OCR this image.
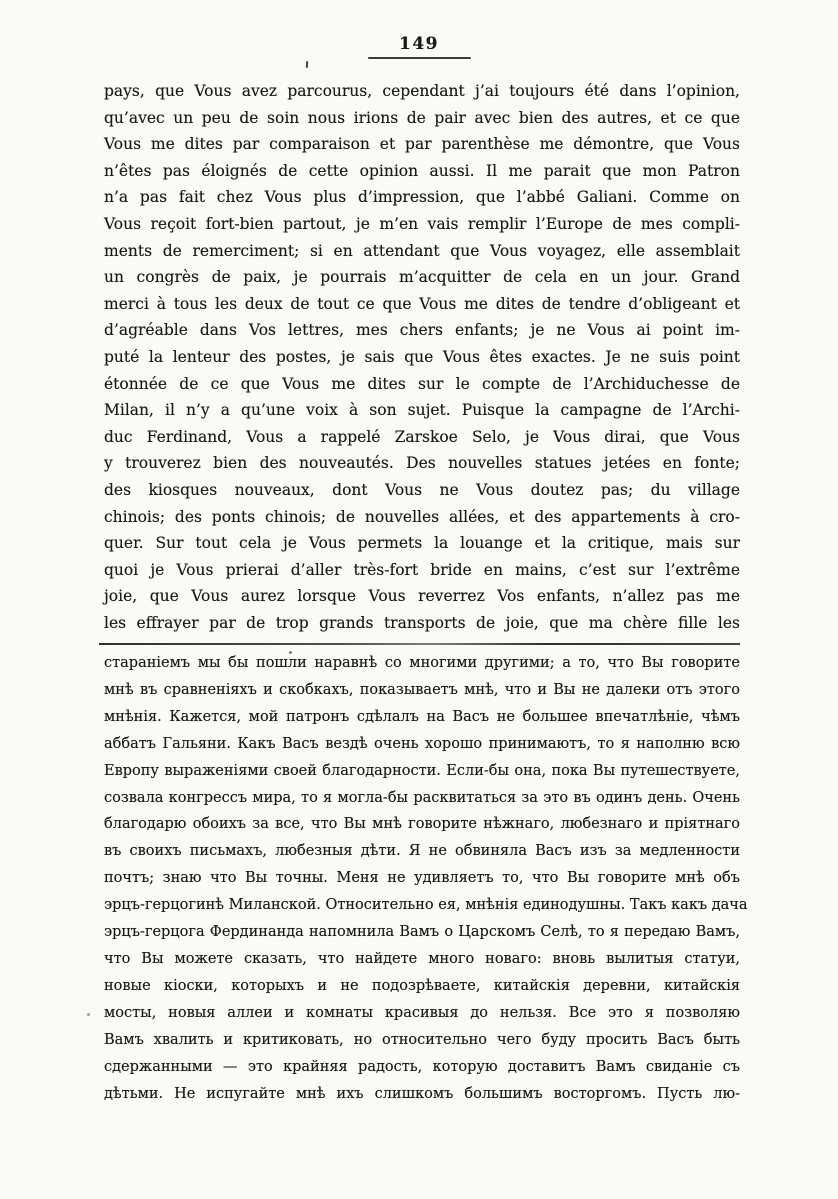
149
pays, que Vous avez parcourus, cependant j’ai toujours été dans l’opinion,
qu’avec un peu de soin nous irions de pair avec bien des autres, et ce que
Vous me dites par comparaison et par parenthèse me démontre, que Vous
n’êtes pas éloignés de cette opinion aussi. Il me parait que mon Patron
n’a pas fait chez Vous plus d’impression, que l’abbé Galiani. Comme on
Vous reçoit fort-bien partout, je m’en vais remplir l’Europe de mes compli-
ments de remerciment; si en attendant que Vous voyagez, elle assemblait
un congrès de paix, je pourrais m’acquitter de cela en un jour. Grand
merci à tous les deux de tout ce que Vous me dites de tendre d’obligeant et
d’agréable dans Vos lettres, mes chers enfants; je ne Vous ai point im-
puté la lenteur des postes, je sais que Vous êtes exactes. Je ne suis point
étonnée de ce que Vous me dites sur le compte de l’Archiduchesse de
Milan, il n’y a qu’une voix à son sujet. Puisque la campagne de l’Archi-
duc Ferdinand, Vous a rappelé Zarskoe Selo, je Vous dirai, que Vous
y trouverez bien des nouveautés. Des nouvelles statues jetées en fonte;
des kiosques nouveaux, dont Vous ne Vous doutez pas; du village
chinois; des ponts chinois; de nouvelles allées, et des appartements à cro-
quer. Sur tout cela je Vous permets la louange et la critique, mais sur
quoi je Vous prierai d’aller très-fort bride en mains, c’est sur l’extrême
joie, que Vous aurez lorsque Vous reverrez Vos enfants, n’allez pas me
les effrayer par de trop grands transports de joie, que ma chère fille les
стараніемъ мы бы пошли наравнѣ со многими другими; а то, что Вы говорите
мнѣ въ сравненіяхъ и скобкахъ, показываетъ мнѣ, что и Вы не далеки отъ этого
мнѣнія. Кажется, мой патронъ сдѣлалъ на Васъ не большее впечатлѣніе, чѣмъ
аббатъ Гальяни. Какъ Васъ вездѣ очень хорошо принимаютъ, то я наполню всю
Европу выраженіями своей благодарности. Если-бы она, пока Вы путешествуете,
созвала конгрессъ мира, то я могла-бы расквитаться за это въ одинъ день. Очень
благодарю обоихъ за все, что Вы мнѣ говорите нѣжнаго, любезнаго и пріятнаго
въ своихъ письмахъ, любезныя дѣти. Я не обвиняла Васъ изъ за медленности
почтъ; знаю что Вы точны. Меня не удивляетъ то, что Вы говорите мнѣ объ
эрцъ-герцогинѣ Миланской. Относительно ея, мнѣнія единодушны. Такъ какъ дача
эрцъ-герцога Фердинанда напомнила Вамъ о Царскомъ Селѣ, то я передаю Вамъ,
что Вы можете сказать, что найдете много новаго: вновь вылитыя статуи,
новые кіоски, которыхъ и не подозрѣваете, китайскія деревни, китайскія
мосты, новыя аллеи и комнаты красивыя до нельзя. Все это я позволяю
Вамъ хвалить и критиковать, но относительно чего буду просить Васъ быть
сдержанными — это крайняя радость, которую доставитъ Вамъ свиданіе съ
дѣтьми. Не испугайте мнѣ ихъ слишкомъ большимъ восторгомъ. Пусть лю-
